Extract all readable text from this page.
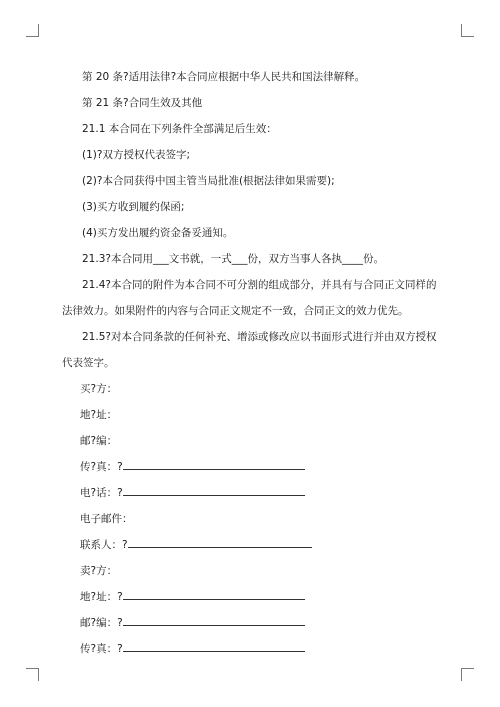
第 20 条?适用法律?本合同应根据中华人民共和国法律解释。

第 21 条?合同生效及其他

21.1 本合同在下列条件全部满足后生效：

(1)?双方授权代表签字;

(2)?本合同获得中国主管当局批准(根据法律如果需要);

(3)买方收到履约保函;

(4)买方发出履约资金备妥通知。

21.3?本合同用___文书就，一式___份，双方当事人各执____份。

21.4?本合同的附件为本合同不可分割的组成部分，并具有与合同正文同样的法律效力。如果附件的内容与合同正文规定不一致，合同正文的效力优先。

21.5?对本合同条款的任何补充、增添或修改应以书面形式进行并由双方授权代表签字。

买?方：

地?址：

邮?编：

传?真：?

电?话：?

电子邮件：

联系人：?

卖?方：

地?址：?

邮?编：?

传?真：?
